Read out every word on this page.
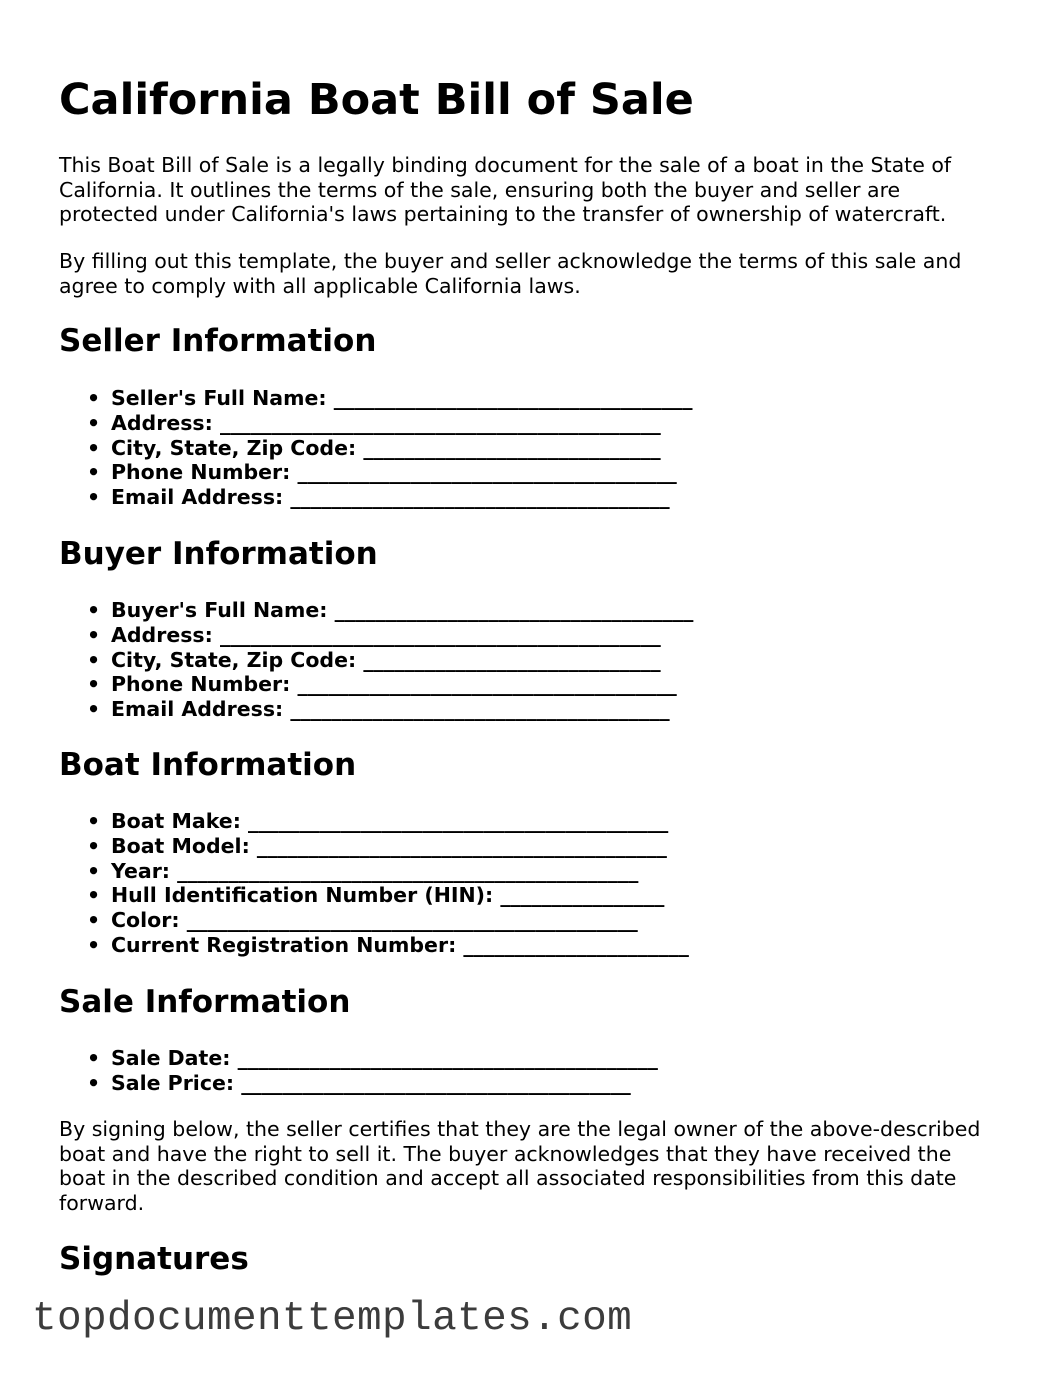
California Boat Bill of Sale

This Boat Bill of Sale is a legally binding document for the sale of a boat in the State of California. It outlines the terms of the sale, ensuring both the buyer and seller are protected under California's laws pertaining to the transfer of ownership of watercraft.

By filling out this template, the buyer and seller acknowledge the terms of this sale and agree to comply with all applicable California laws.

Seller Information
• Seller's Full Name: ___________________________________
• Address: ___________________________________________
• City, State, Zip Code: _____________________________
• Phone Number: _____________________________________
• Email Address: _____________________________________
Buyer Information
• Buyer's Full Name: ___________________________________
• Address: ___________________________________________
• City, State, Zip Code: _____________________________
• Phone Number: _____________________________________
• Email Address: _____________________________________
Boat Information
• Boat Make: _________________________________________
• Boat Model: ________________________________________
• Year: _____________________________________________
• Hull Identification Number (HIN): ________________
• Color: ____________________________________________
• Current Registration Number: ______________________
Sale Information
• Sale Date: _________________________________________
• Sale Price: ______________________________________

By signing below, the seller certifies that they are the legal owner of the above-described boat and have the right to sell it. The buyer acknowledges that they have received the boat in the described condition and accept all associated responsibilities from this date forward.

Signatures
topdocumenttemplates.com
